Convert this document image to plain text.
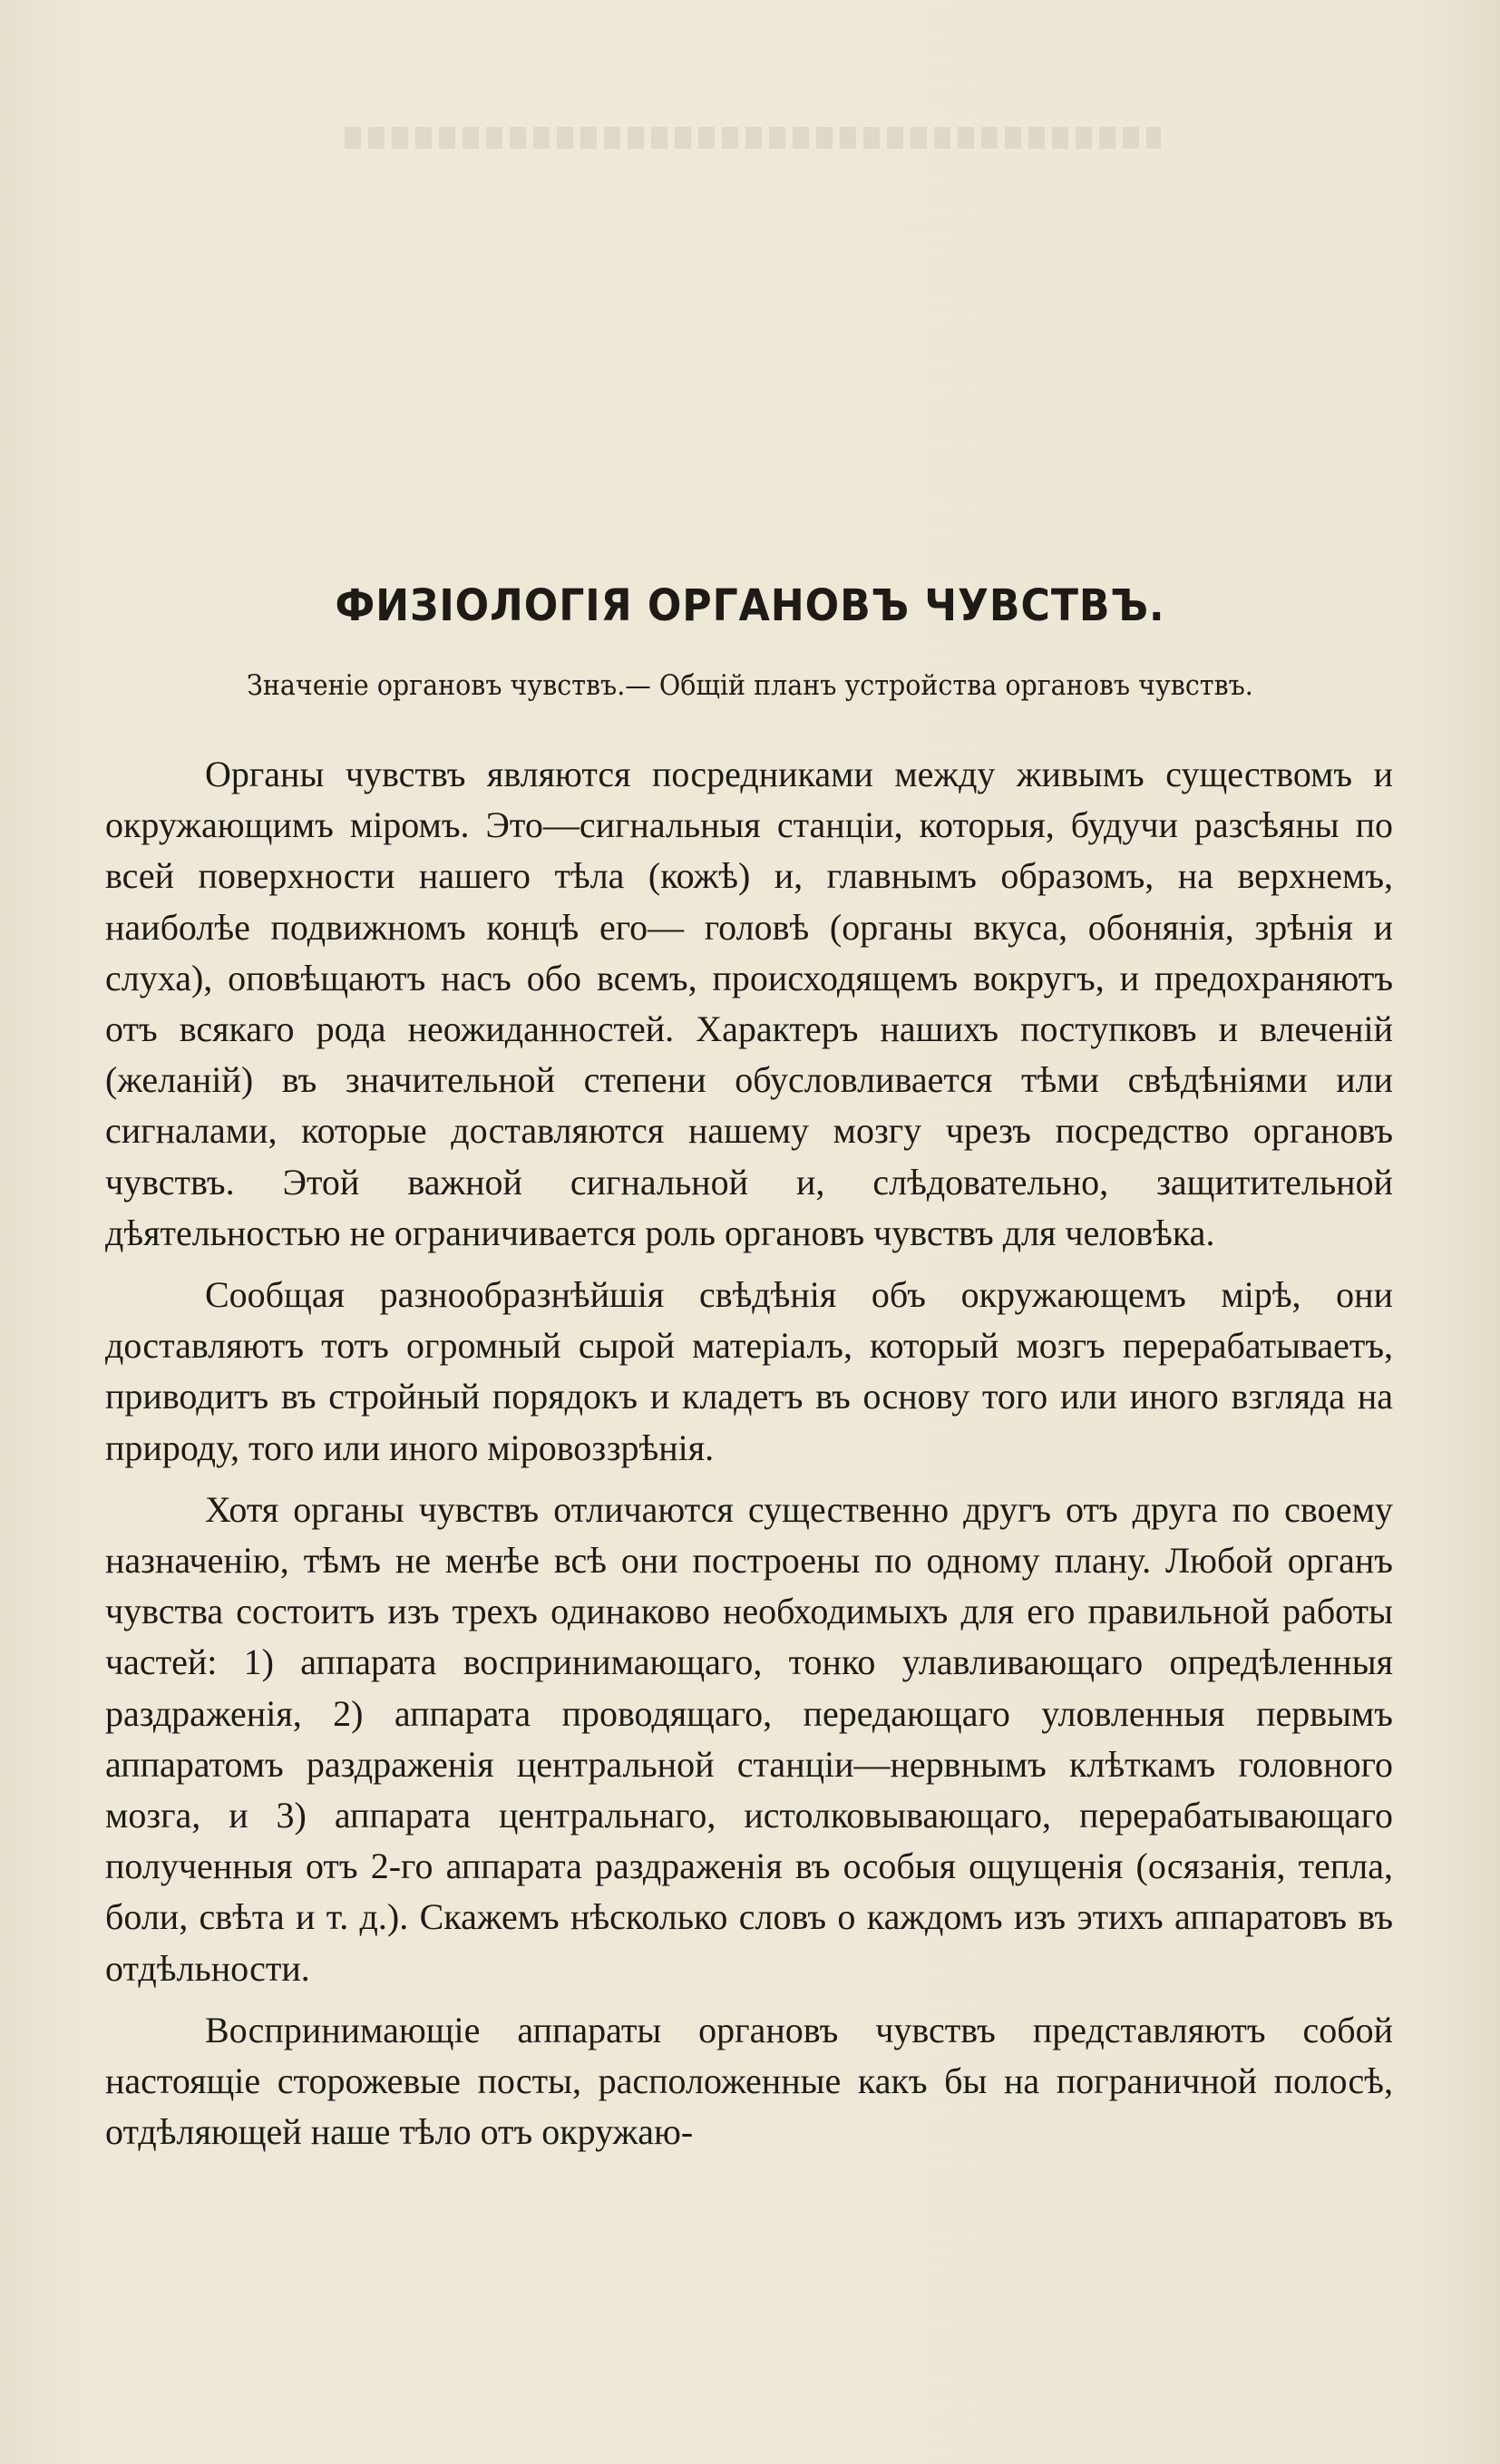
ФИЗІОЛОГІЯ ОРГАНОВЪ ЧУВСТВЪ.
Значеніе органовъ чувствъ.— Общій планъ устройства органовъ чувствъ.

Органы чувствъ являются посредниками между живымъ существомъ и окружающимъ міромъ. Это—сигнальныя станціи, которыя, будучи разсѣяны по всей поверхности нашего тѣла (кожѣ) и, главнымъ образомъ, на верхнемъ, наиболѣе подвижномъ концѣ его— головѣ (органы вкуса, обонянія, зрѣнія и слуха), оповѣщаютъ насъ обо всемъ, происходящемъ вокругъ, и предохраняютъ отъ всякаго рода неожиданностей. Характеръ нашихъ поступковъ и влеченій (желаній) въ значительной степени обусловливается тѣми свѣдѣніями или сигналами, которые доставляются нашему мозгу чрезъ посредство органовъ чувствъ. Этой важной сигнальной и, слѣдовательно, защитительной дѣятельностью не ограничивается роль органовъ чувствъ для человѣка.

Сообщая разнообразнѣйшія свѣдѣнія объ окружающемъ мірѣ, они доставляютъ тотъ огромный сырой матеріалъ, который мозгъ перерабатываетъ, приводитъ въ стройный порядокъ и кладетъ въ основу того или иного взгляда на природу, того или иного міровоззрѣнія.

Хотя органы чувствъ отличаются существенно другъ отъ друга по своему назначенію, тѣмъ не менѣе всѣ они построены по одному плану. Любой органъ чувства состоитъ изъ трехъ одинаково необходимыхъ для его правильной работы частей: 1) аппарата воспринимающаго, тонко улавливающаго опредѣленныя раздраженія, 2) аппарата проводящаго, передающаго уловленныя первымъ аппаратомъ раздраженія центральной станціи—нервнымъ клѣткамъ головного мозга, и 3) аппарата центральнаго, истолковывающаго, перерабатывающаго полученныя отъ 2-го аппарата раздраженія въ особыя ощущенія (осязанія, тепла, боли, свѣта и т. д.). Скажемъ нѣсколько словъ о каждомъ изъ этихъ аппаратовъ въ отдѣльности.

Воспринимающіе аппараты органовъ чувствъ представляютъ собой настоящіе сторожевые посты, расположенные какъ бы на пограничной полосѣ, отдѣляющей наше тѣло отъ окружаю-
